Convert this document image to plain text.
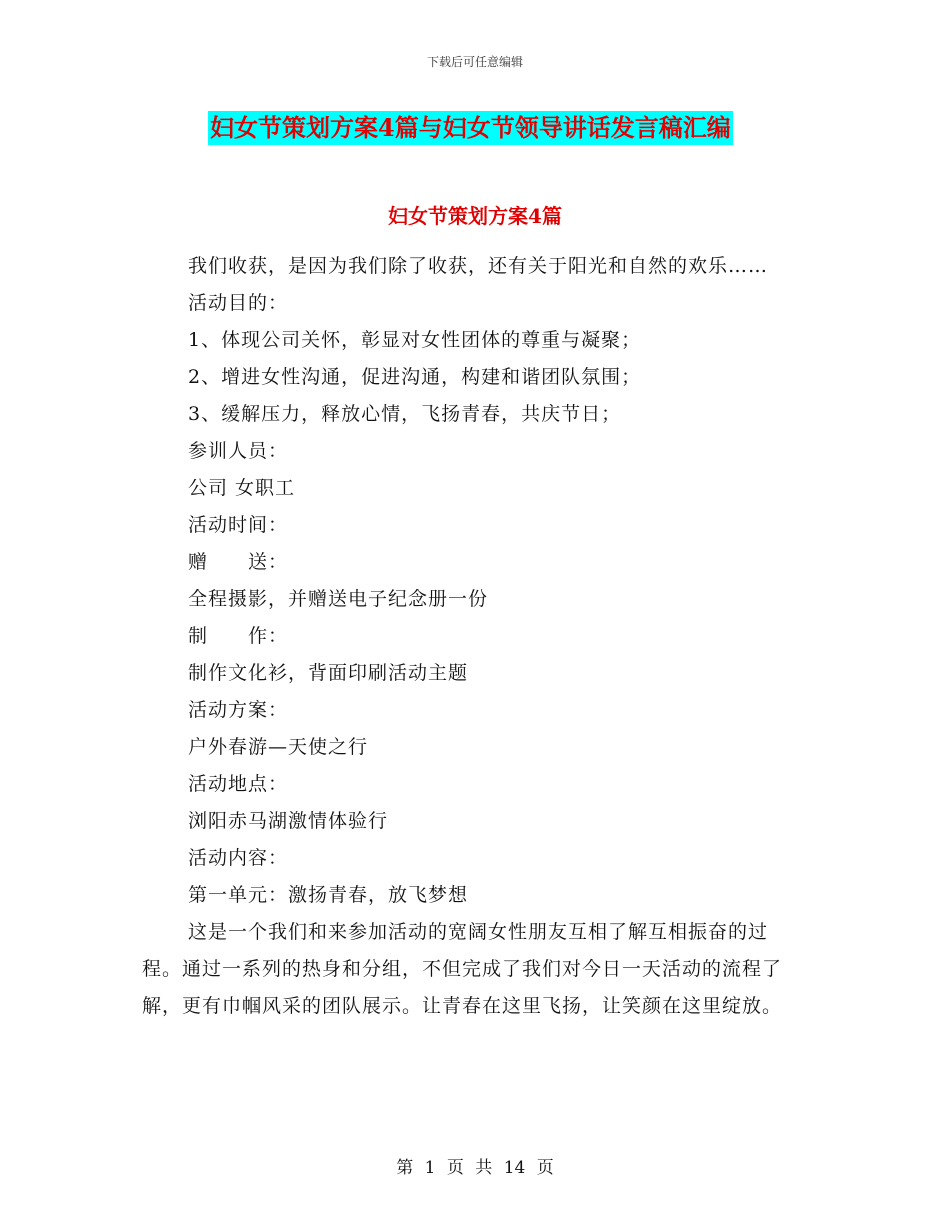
下载后可任意编辑
妇女节策划方案4篇与妇女节领导讲话发言稿汇编
妇女节策划方案4篇

我们收获，是因为我们除了收获，还有关于阳光和自然的欢乐……

活动目的：

1、体现公司关怀，彰显对女性团体的尊重与凝聚；

2、增进女性沟通，促进沟通，构建和谐团队氛围；

3、缓解压力，释放心情，飞扬青春，共庆节日；

参训人员：

公司 女职工

活动时间：

赠　　送：

全程摄影，并赠送电子纪念册一份

制　　作：

制作文化衫，背面印刷活动主题

活动方案：

户外春游—天使之行

活动地点：

浏阳赤马湖激情体验行

活动内容：

第一单元：激扬青春，放飞梦想

这是一个我们和来参加活动的宽阔女性朋友互相了解互相振奋的过程。通过一系列的热身和分组，不但完成了我们对今日一天活动的流程了解，更有巾帼风采的团队展示。让青春在这里飞扬，让笑颜在这里绽放。

第 1 页 共 14 页
